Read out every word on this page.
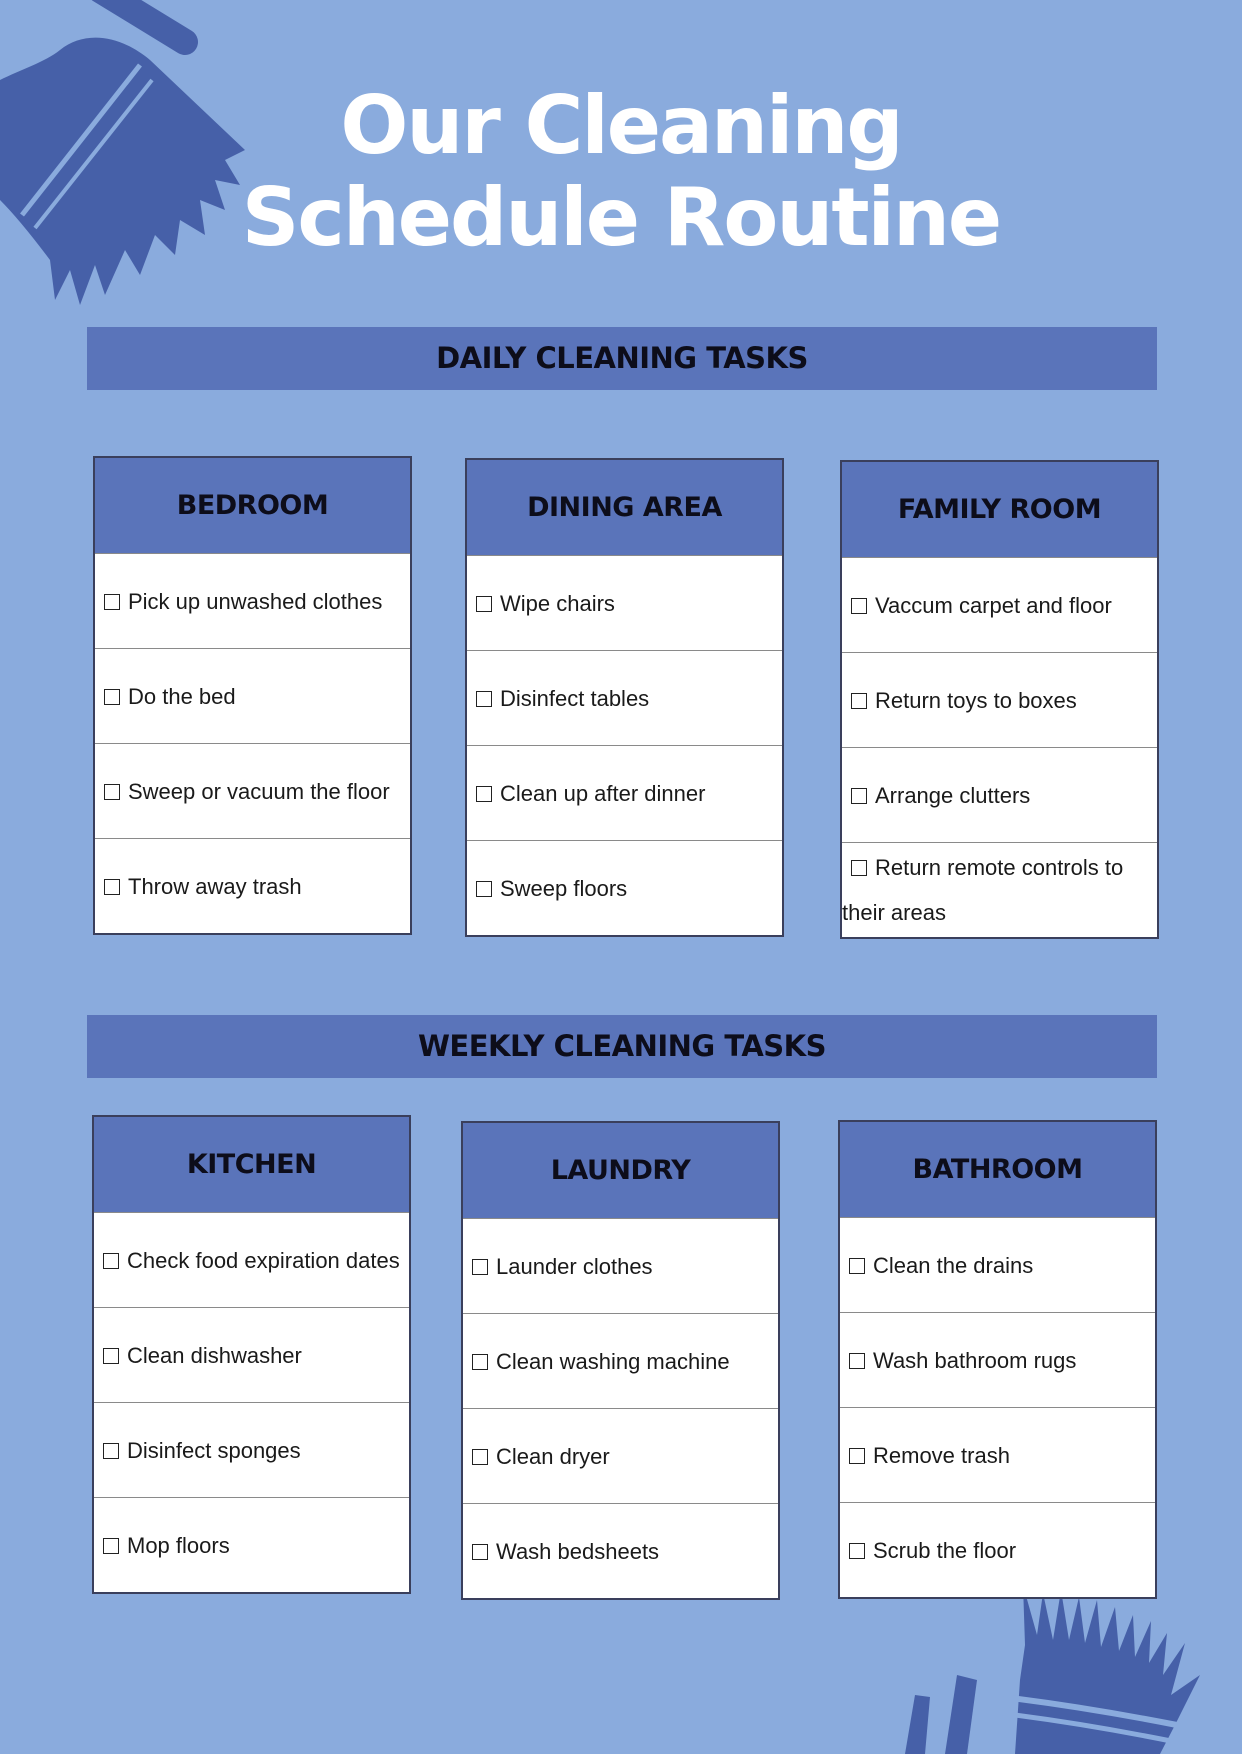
Our Cleaning
Schedule Routine
DAILY CLEANING TASKS
BEDROOM
Pick up unwashed clothes
Do the bed
Sweep or vacuum the floor
Throw away trash
DINING AREA
Wipe chairs
Disinfect tables
Clean up after dinner
Sweep floors
FAMILY ROOM
Vaccum carpet and floor
Return toys to boxes
Arrange clutters
Return remote controls to their areas
WEEKLY CLEANING TASKS
KITCHEN
Check food expiration dates
Clean dishwasher
Disinfect sponges
Mop floors
LAUNDRY
Launder clothes
Clean washing machine
Clean dryer
Wash bedsheets
BATHROOM
Clean the drains
Wash bathroom rugs
Remove trash
Scrub the floor
